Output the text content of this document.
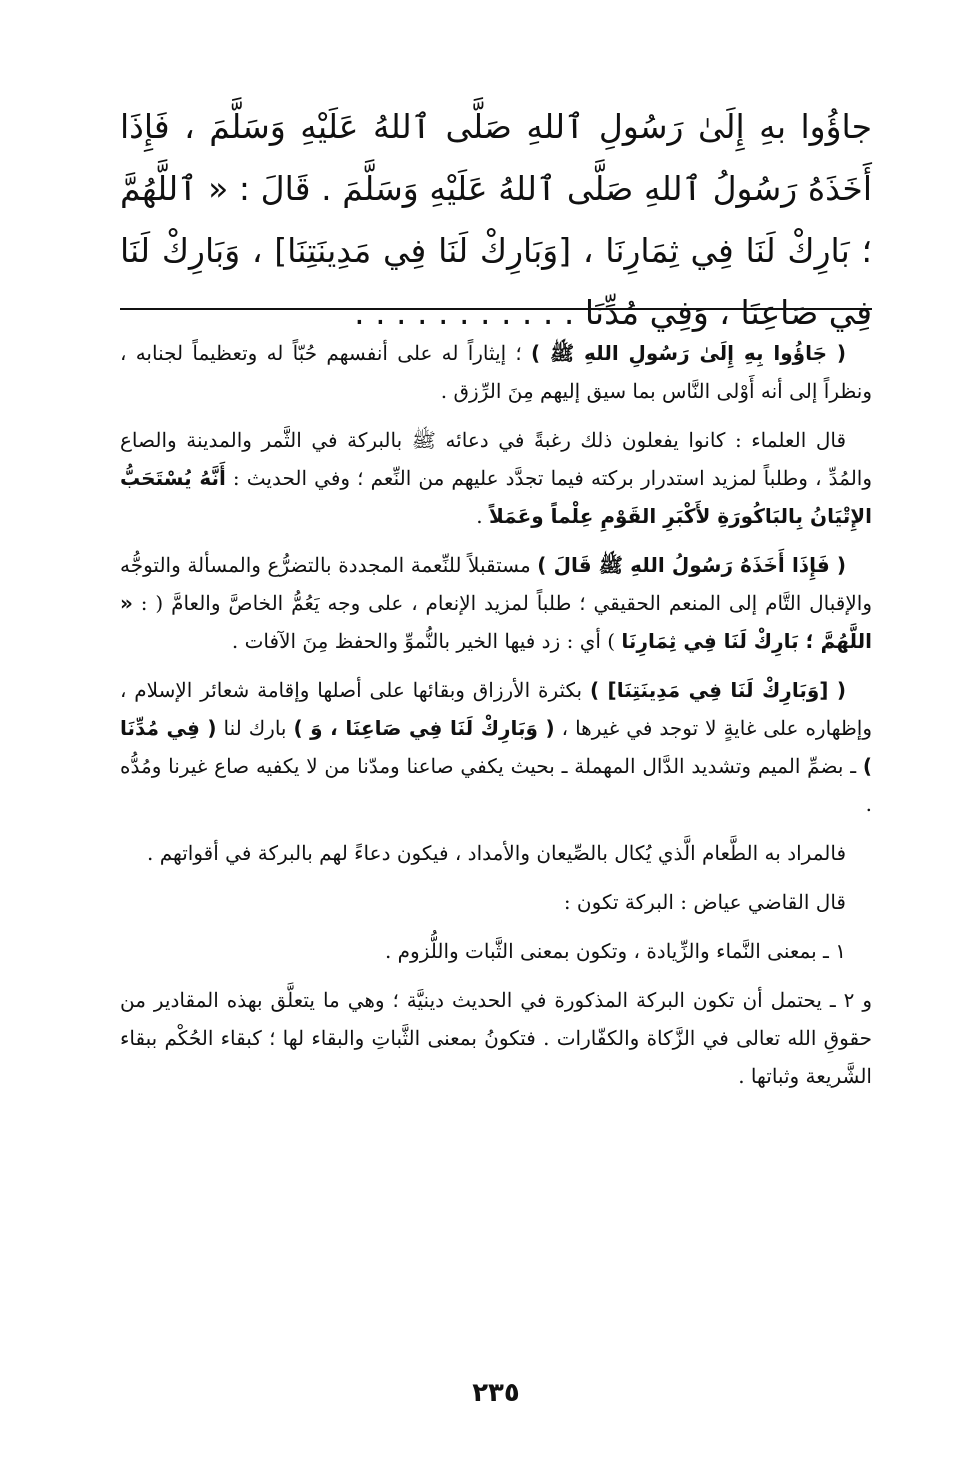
جاؤُوا بهِ إِلَىٰ رَسُولِ ٱللهِ صَلَّى ٱللهُ عَلَيْهِ وَسَلَّمَ ، فَإِذَا أَخَذَهُ رَسُولُ ٱللهِ صَلَّى ٱللهُ عَلَيْهِ وَسَلَّمَ . قَالَ : « ٱللَّهُمَّ ؛ بَارِكْ لَنَا فِي ثِمَارِنَا ، [وَبَارِكْ لَنَا فِي مَدِينَتِنَا] ، وَبَارِكْ لَنَا فِي صَاعِنَا ، وَفِي مُدِّنَا . . . . . . . . . . .

( جَاؤُوا بِهِ إِلَىٰ رَسُولِ اللهِ ﷺ ) ؛ إيثاراً له على أنفسهم حُبّاً له وتعظيماً لجنابه ، ونظراً إلى أنه أَوْلى النَّاس بما سيق إليهم مِنَ الرِّزق .

قال العلماء : كانوا يفعلون ذلك رغبةً في دعائه ﷺ بالبركة في الثَّمر والمدينة والصاع والمُدِّ ، وطلباً لمزيد استدرار بركته فيما تجدَّد عليهم من النِّعم ؛ وفي الحديث : أَنَّهُ يُسْتَحَبُّ الإِتْيَانُ بِالبَاكُورَةِ لأَكْبَرِ القَوْمِ عِلْماً وعَمَلاً .

( فَإِذَا أَخَذَهُ رَسُولُ اللهِ ﷺ قَالَ ) مستقبلاً للنِّعمة المجددة بالتضرُّع والمسألة والتوجُّه والإقبال التَّام إلى المنعم الحقيقي ؛ طلباً لمزيد الإنعام ، على وجه يَعُمُّ الخاصَّ والعامَّ ( : « اللَّهُمَّ ؛ بَارِكْ لَنَا فِي ثِمَارِنَا ) أي : زد فيها الخير بالنُّموِّ والحفظ مِنَ الآفات .

( [وَبَارِكْ لَنَا فِي مَدِينَتِنَا] ) بكثرة الأرزاق وبقائها على أصلها وإقامة شعائر الإسلام ، وإظهاره على غايةٍ لا توجد في غيرها ، ( وَبَارِكْ لَنَا فِي صَاعِنَا ، وَ ) بارك لنا ( فِي مُدِّنَا ) ـ بضمِّ الميم وتشديد الدَّال المهملة ـ بحيث يكفي صاعنا ومدّنا من لا يكفيه صاع غيرنا ومُدُّه .

فالمراد به الطَّعام الَّذي يُكال بالصِّيعان والأمداد ، فيكون دعاءً لهم بالبركة في أقواتهم .

قال القاضي عياض : البركة تكون :

١ ـ بمعنى النَّماء والزِّيادة ، وتكون بمعنى الثَّبات واللُّزوم .

و ٢ ـ يحتمل أن تكون البركة المذكورة في الحديث دينيَّة ؛ وهي ما يتعلَّق بهذه المقادير من حقوقِ الله تعالى في الزَّكاة والكفّارات . فتكونُ بمعنى الثَّباتِ والبقاء لها ؛ كبقاء الحُكْم ببقاء الشَّريعة وثباتها .

٢٣٥
